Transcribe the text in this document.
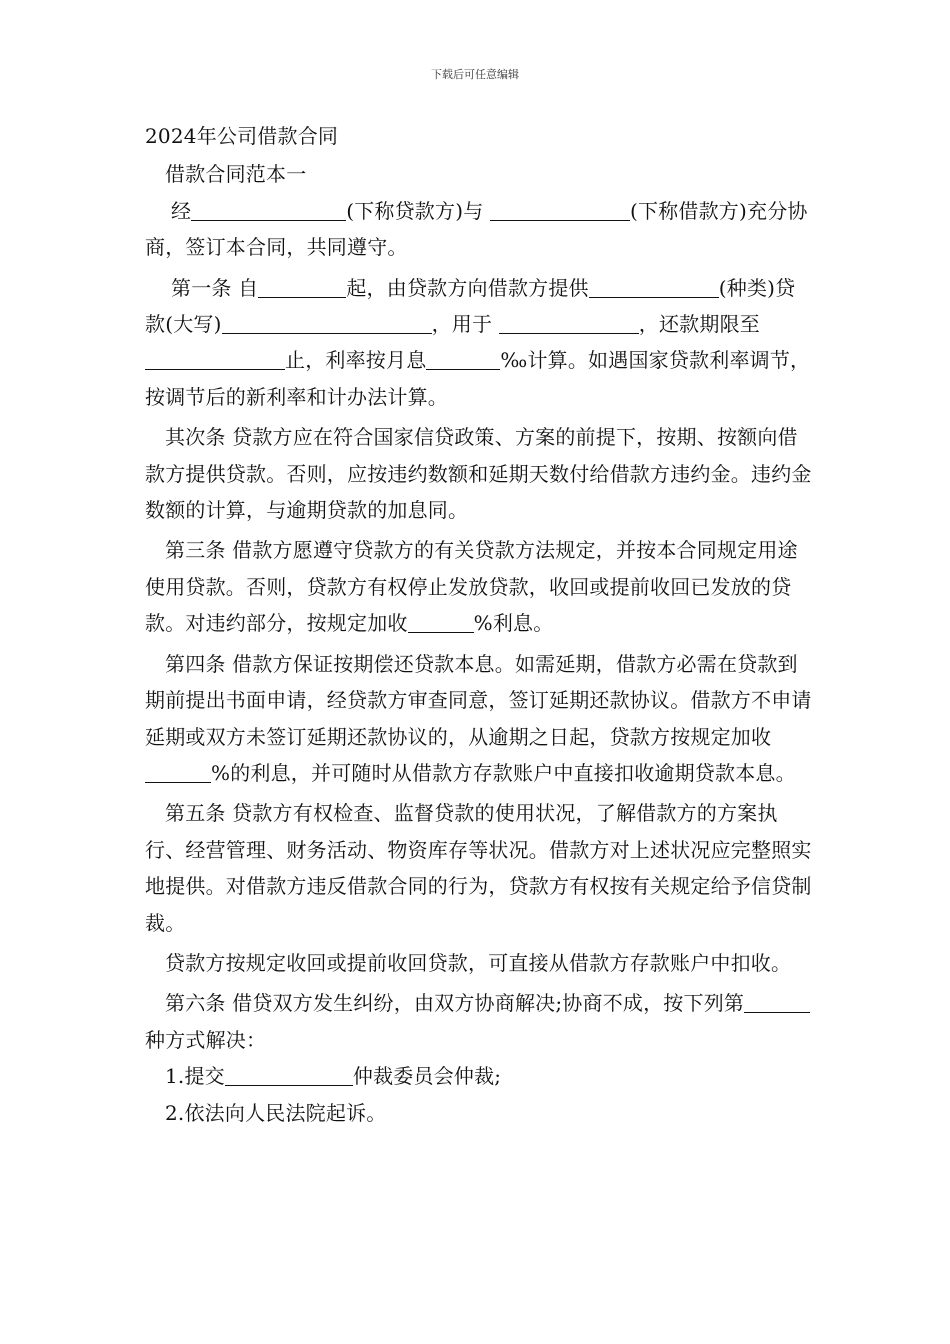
下载后可任意编辑

2024年公司借款合同

借款合同范本一

经	(下称贷款方)与	(下称借款方)充分协商，签订本合同，共同遵守。

第一条 自	起，由贷款方向借款方提供	(种类)贷款(大写)	，用于	，还款期限至止，利率按月息	‰计算。如遇国家贷款利率调节，按调节后的新利率和计办法计算。

其次条 贷款方应在符合国家信贷政策、方案的前提下，按期、按额向借款方提供贷款。否则，应按违约数额和延期天数付给借款方违约金。违约金数额的计算，与逾期贷款的加息同。

第三条 借款方愿遵守贷款方的有关贷款方法规定，并按本合同规定用途使用贷款。否则，贷款方有权停止发放贷款，收回或提前收回已发放的贷款。对违约部分，按规定加收	%利息。

第四条 借款方保证按期偿还贷款本息。如需延期，借款方必需在贷款到期前提出书面申请，经贷款方审查同意，签订延期还款协议。借款方不申请延期或双方未签订延期还款协议的，从逾期之日起，贷款方按规定加收%的利息，并可随时从借款方存款账户中直接扣收逾期贷款本息。

第五条 贷款方有权检查、监督贷款的使用状况，了解借款方的方案执行、经营管理、财务活动、物资库存等状况。借款方对上述状况应完整照实地提供。对借款方违反借款合同的行为，贷款方有权按有关规定给予信贷制裁。

贷款方按规定收回或提前收回贷款，可直接从借款方存款账户中扣收。

第六条 借贷双方发生纠纷，由双方协商解决;协商不成，按下列第种方式解决：

1.提交	仲裁委员会仲裁;

2.依法向人民法院起诉。
